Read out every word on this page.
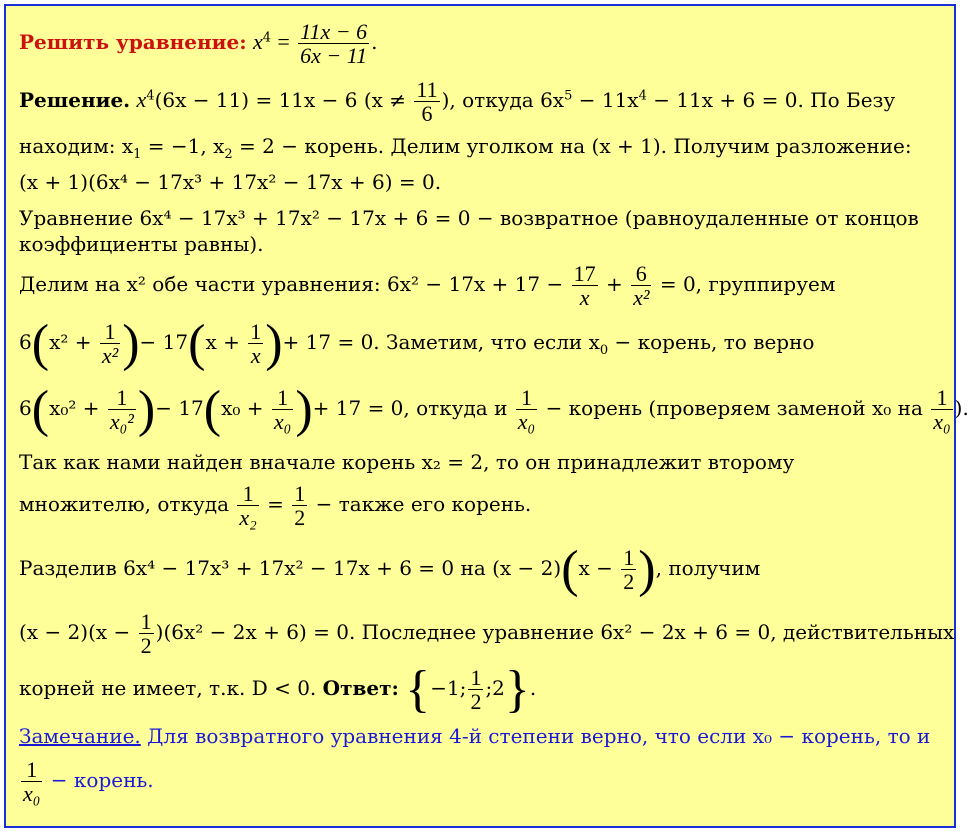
Решить уравнение: $x^4 = \frac{11x - 6}{6x - 11}$ .
Решение. $x^4(6x - 11) = 11x - 6$ ($x \ne \frac{11}{6}$ ), откуда $6x^5 - 11x^4 - 11x + 6 = 0$. По Безу
находим: $x_1 = -1$, $x_2 = 2$ − корень. Делим уголком на (x + 1). Получим разложение:
(x + 1)(6x⁴ − 17x³ + 17x² − 17x + 6) = 0.
Уравнение 6x⁴ − 17x³ + 17x² − 17x + 6 = 0 − возвратное (равноудаленные от концов
коэффициенты равны).
Делим на x² обе части уравнения: $6x^2 - 17x + 17 - \frac{17}{x} + \frac{6}{\text{x²}} = 0$, группируем
$6(x^2 + \frac{1}{\text{x²}}$ )− $17(x + \frac{1}{x}$ )+ 17 = 0. Заметим, что если $x_0$ − корень, то верно
$6(x_0^2 + \frac{1}{\text{x₀²}}$ )− $17(x_0 + \frac{1}{\text{x₀}}$ )+ 17 = 0, откуда и $\frac{1}{\text{x₀}}$ − корень (проверяем заменой x₀ на $\frac{1}{\text{x₀}}$ ).
Так как нами найден вначале корень x₂ = 2, то он принадлежит второму
множителю, откуда $\frac{1}{\text{x₂}} = \frac{1}{2}$ − также его корень.
Разделив 6x⁴ − 17x³ + 17x² − 17x + 6 = 0 на $(x - 2)(x - \frac{1}{2}$ ), получим
$(x - 2)(x - \frac{1}{2} )(6x^2 - 2x + 6) = 0$. Последнее уравнение 6x² − 2x + 6 = 0, действительных
корней не имеет, т.к. D < 0. Ответ: {−1; $\frac{1}{2}$ ;2}.
Замечание. Для возвратного уравнения 4-й степени верно, что если x₀ − корень, то и
$\frac{1}{\text{x₀}}$ − корень.
